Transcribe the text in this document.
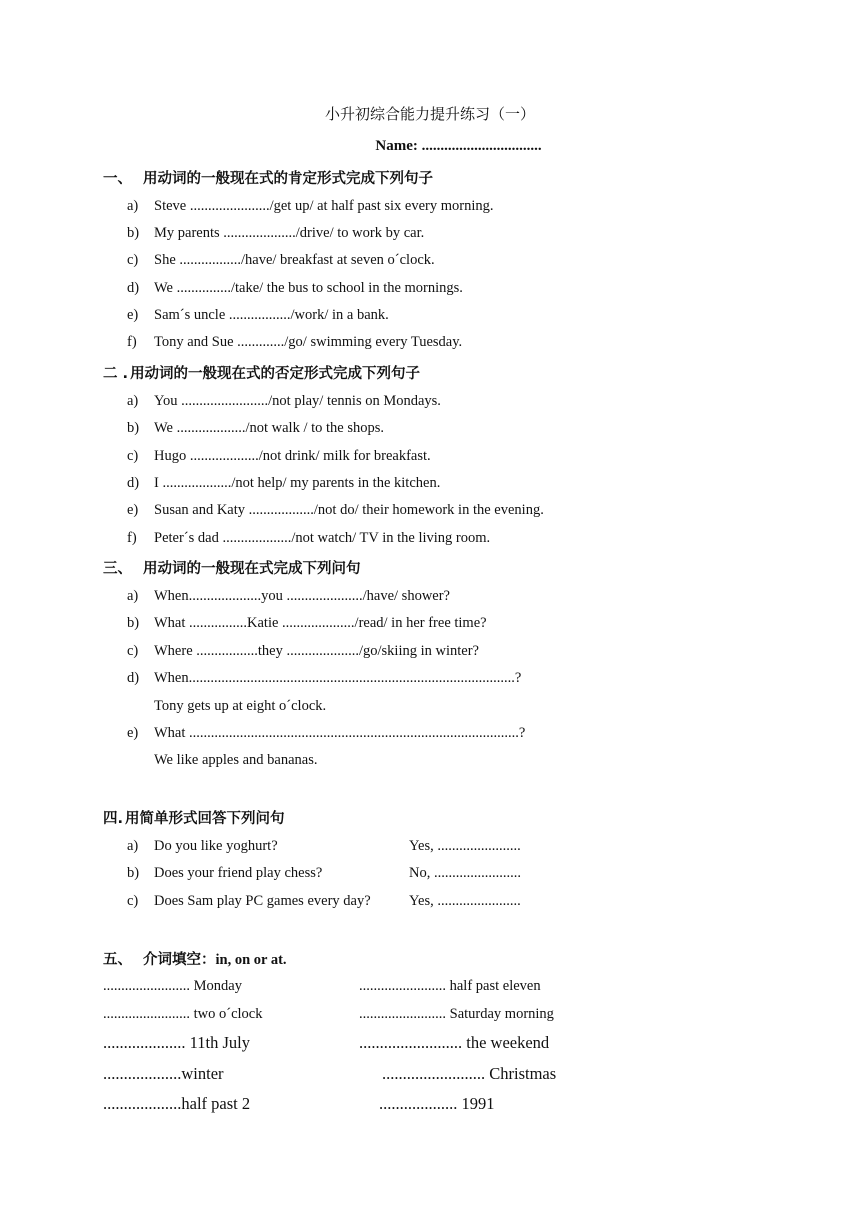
小升初综合能力提升练习（一）
Name: ................................
一、 用动词的一般现在式的肯定形式完成下列句子
a) Steve ....................../get up/ at half past six every morning.
b) My parents ..................../drive/ to work by car.
c) She ................./have/ breakfast at seven o´clock.
d) We .............../take/ the bus to school in the mornings.
e) Sam´s uncle ................./work/ in a bank.
f) Tony and Sue ............./go/ swimming every Tuesday.
二 . 用动词的一般现在式的否定形式完成下列句子
a) You ......................../not play/ tennis on Mondays.
b) We .................../not walk / to the shops.
c) Hugo .................../not drink/ milk for breakfast.
d) I .................../not help/ my parents in the kitchen.
e) Susan and Katy ................../not do/ their homework in the evening.
f) Peter´s dad .................../not watch/ TV in the living room.
三、 用动词的一般现在式完成下列问句
a) When....................you ...................../have/ shower?
b) What ................Katie ..................../read/ in her free time?
c) Where .................they ..................../go/skiing in winter?
d) When..........................................................................................?
Tony gets up at eight o´clock.
e) What ...........................................................................................?
We like apples and bananas.
四. 用简单形式回答下列问句
a) Do you like yoghurt?	Yes, .......................
b) Does your friend play chess?	No, ........................
c) Does Sam play PC games every day?	Yes, .......................
五、 介词填空：in, on or at.
........................ Monday	........................ half past eleven
........................ two o´clock	........................ Saturday morning
.................... 11th July	......................... the weekend
...................winter	......................... Christmas
...................half past 2	................... 1991
